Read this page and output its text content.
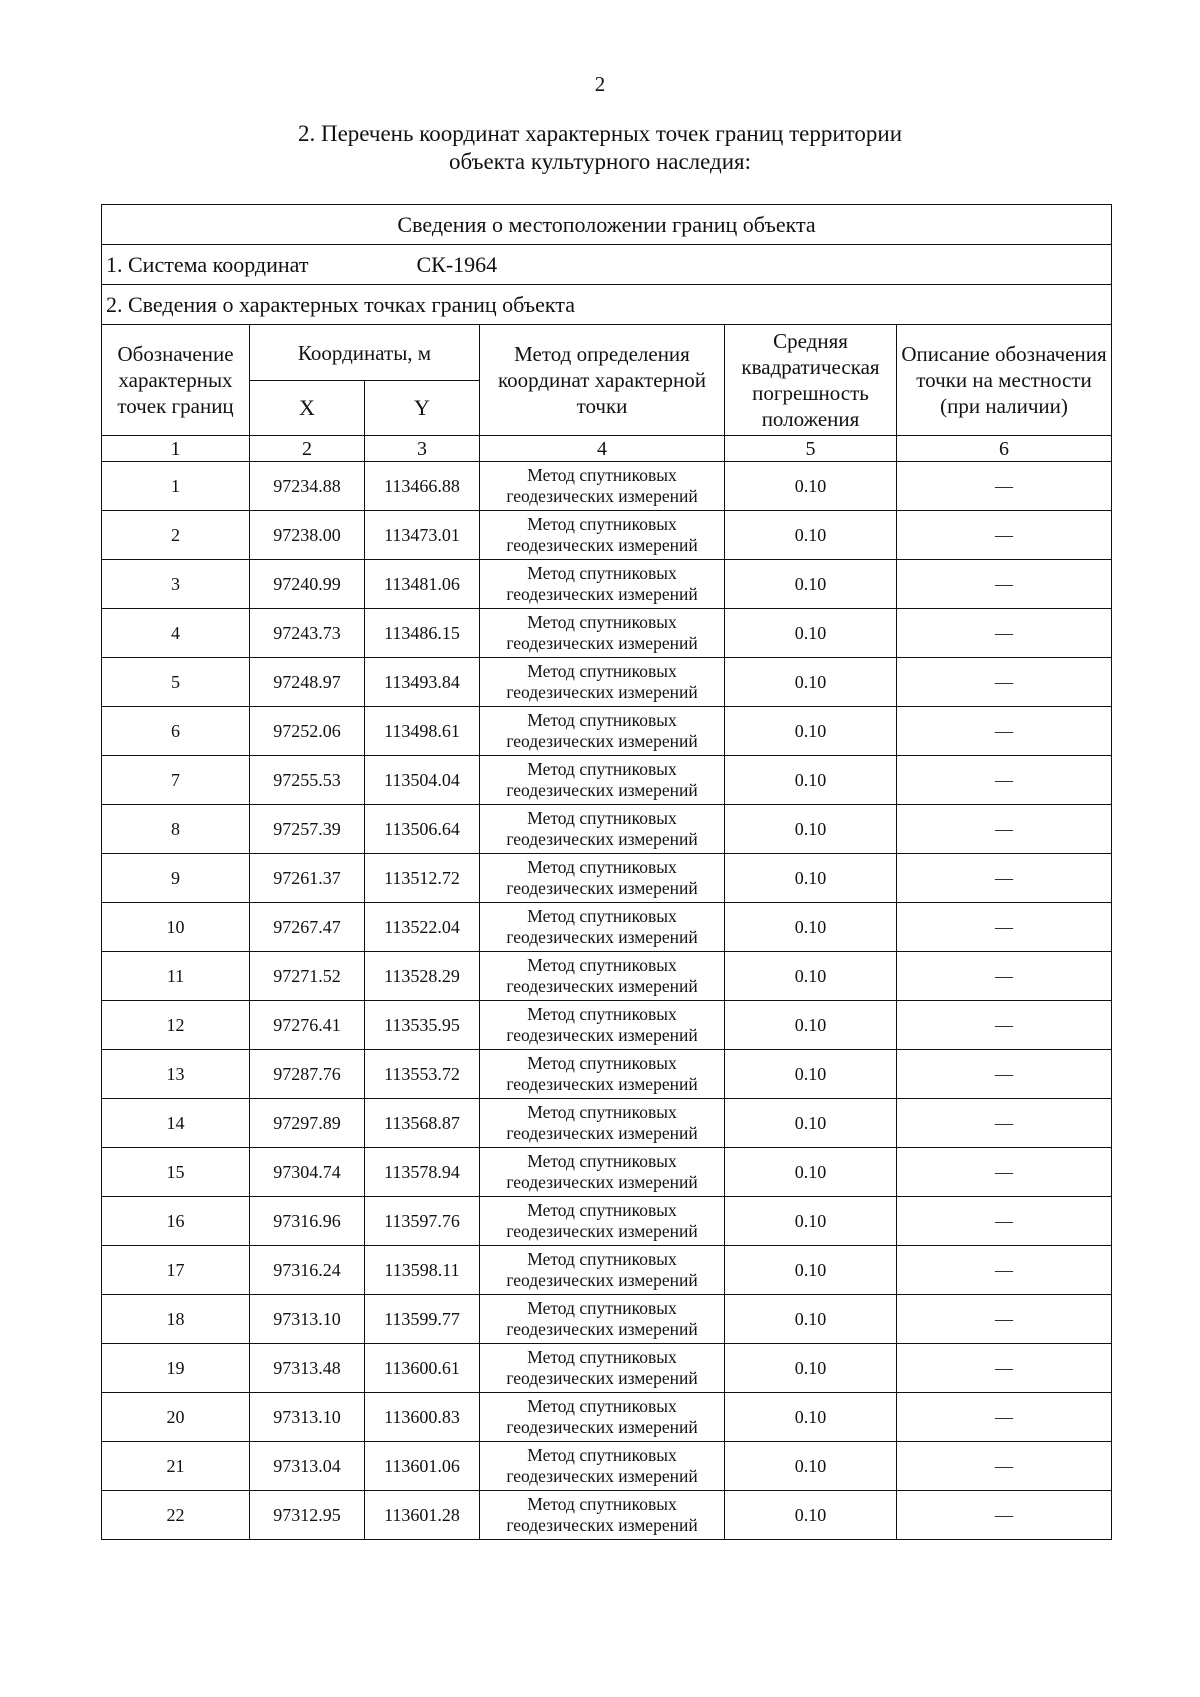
2
2. Перечень координат характерных точек границ территории
объекта культурного наследия:
Сведения о местоположении границ объекта					
1. Система координат СК-1964					
2. Сведения о характерных точках границ объекта					
Обозначение характерных точек границ	Координаты, м		Метод определения координат характерной точки	Средняя квадратическая погрешность положения	Описание обозначения точки на местности (при наличии)
	X	Y			
1	2	3	4	5	6
1	97234.88	113466.88	Метод спутниковых
геодезических измерений	0.10	—
2	97238.00	113473.01	Метод спутниковых
геодезических измерений	0.10	—
3	97240.99	113481.06	Метод спутниковых
геодезических измерений	0.10	—
4	97243.73	113486.15	Метод спутниковых
геодезических измерений	0.10	—
5	97248.97	113493.84	Метод спутниковых
геодезических измерений	0.10	—
6	97252.06	113498.61	Метод спутниковых
геодезических измерений	0.10	—
7	97255.53	113504.04	Метод спутниковых
геодезических измерений	0.10	—
8	97257.39	113506.64	Метод спутниковых
геодезических измерений	0.10	—
9	97261.37	113512.72	Метод спутниковых
геодезических измерений	0.10	—
10	97267.47	113522.04	Метод спутниковых
геодезических измерений	0.10	—
11	97271.52	113528.29	Метод спутниковых
геодезических измерений	0.10	—
12	97276.41	113535.95	Метод спутниковых
геодезических измерений	0.10	—
13	97287.76	113553.72	Метод спутниковых
геодезических измерений	0.10	—
14	97297.89	113568.87	Метод спутниковых
геодезических измерений	0.10	—
15	97304.74	113578.94	Метод спутниковых
геодезических измерений	0.10	—
16	97316.96	113597.76	Метод спутниковых
геодезических измерений	0.10	—
17	97316.24	113598.11	Метод спутниковых
геодезических измерений	0.10	—
18	97313.10	113599.77	Метод спутниковых
геодезических измерений	0.10	—
19	97313.48	113600.61	Метод спутниковых
геодезических измерений	0.10	—
20	97313.10	113600.83	Метод спутниковых
геодезических измерений	0.10	—
21	97313.04	113601.06	Метод спутниковых
геодезических измерений	0.10	—
22	97312.95	113601.28	Метод спутниковых
геодезических измерений	0.10	—
